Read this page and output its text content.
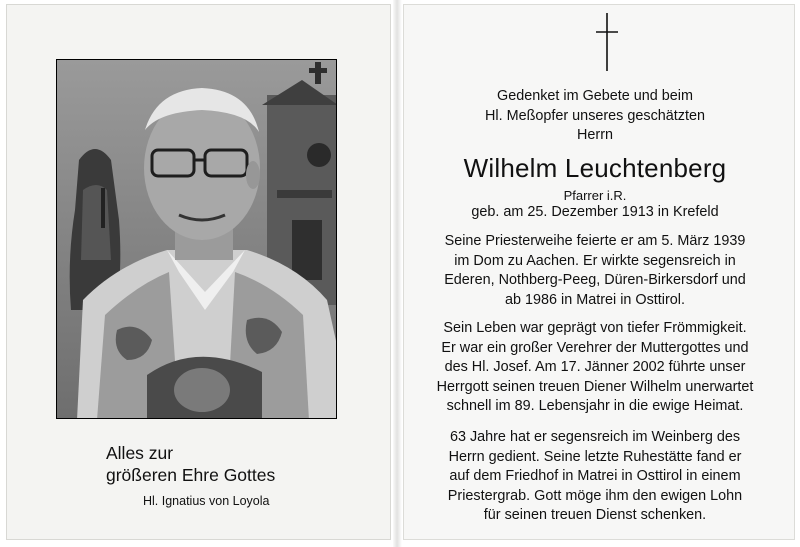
Alles zur
größeren Ehre Gottes
Hl. Ignatius von Loyola

Gedenket im Gebete und beim

Hl. Meßopfer unseres geschätzten

Herrn

Wilhelm Leuchtenberg
Pfarrer i.R.
geb. am 25. Dezember 1913 in Krefeld

Seine Priesterweihe feierte er am 5. März 1939

im Dom zu Aachen. Er wirkte segensreich in

Ederen, Nothberg-Peeg, Düren-Birkersdorf und

ab 1986 in Matrei in Osttirol.

Sein Leben war geprägt von tiefer Frömmigkeit.

Er war ein großer Verehrer der Muttergottes und

des Hl. Josef. Am 17. Jänner 2002 führte unser

Herrgott seinen treuen Diener Wilhelm unerwartet

schnell im 89. Lebensjahr in die ewige Heimat.

63 Jahre hat er segensreich im Weinberg des

Herrn gedient. Seine letzte Ruhestätte fand er

auf dem Friedhof in Matrei in Osttirol in einem

Priestergrab. Gott möge ihm den ewigen Lohn

für seinen treuen Dienst schenken.
